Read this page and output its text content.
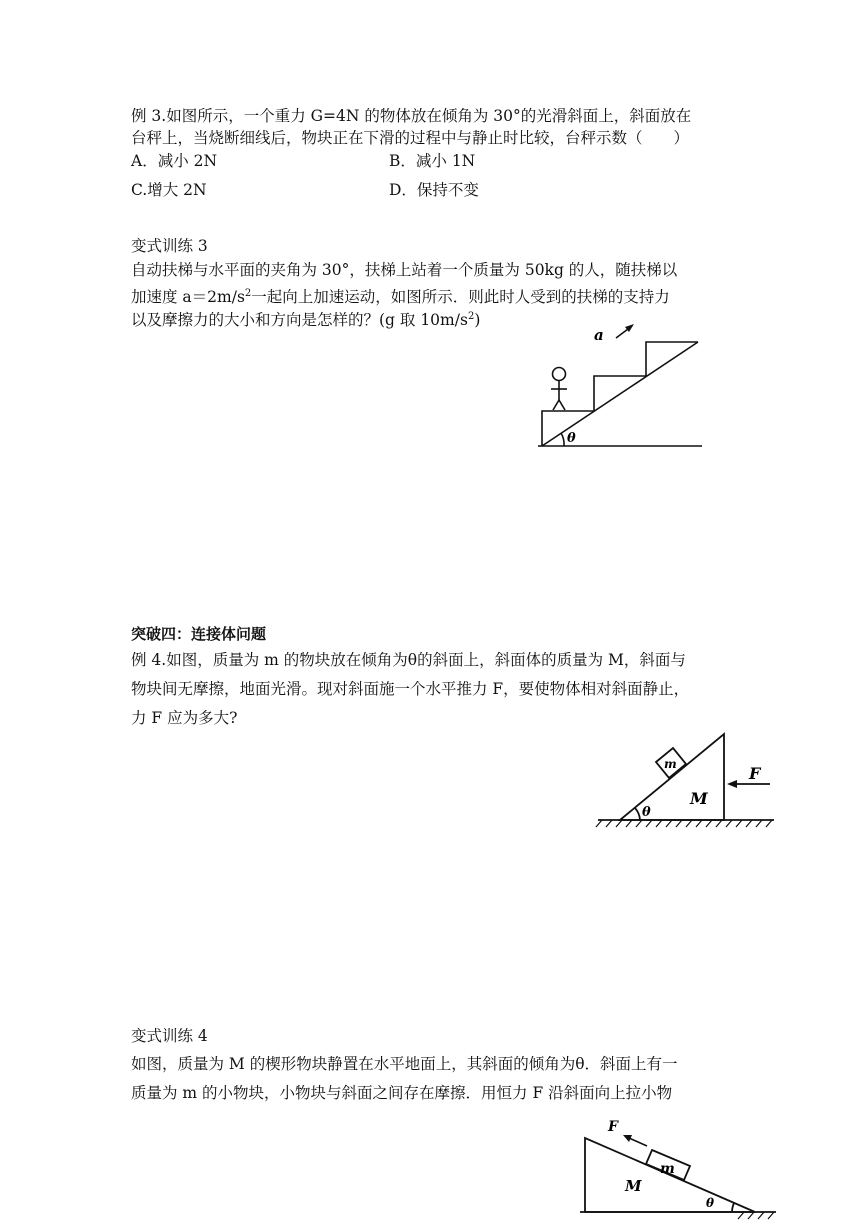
例 3.如图所示，一个重力 G=4N 的物体放在倾角为 30°的光滑斜面上，斜面放在
台秤上，当烧断细线后，物块正在下滑的过程中与静止时比较，台秤示数（　　）
A．减小 2N	B．减小 1N
C.增大 2N	D．保持不变
变式训练 3
自动扶梯与水平面的夹角为 30°，扶梯上站着一个质量为 50kg 的人，随扶梯以
加速度 $a=2m/s^2$一起向上加速运动，如图所示．则此时人受到的扶梯的支持力
以及摩擦力的大小和方向是怎样的？(g 取 $10m/s^2$)
a
θ
突破四：连接体问题
例 4.如图，质量为 m 的物块放在倾角为θ的斜面上，斜面体的质量为 M，斜面与
物块间无摩擦，地面光滑。现对斜面施一个水平推力 F，要使物体相对斜面静止，
力 F 应为多大?
m
M
F
θ
变式训练 4
如图，质量为 M 的楔形物块静置在水平地面上，其斜面的倾角为θ．斜面上有一
质量为 m 的小物块，小物块与斜面之间存在摩擦．用恒力 F 沿斜面向上拉小物
F
m
M
θ
